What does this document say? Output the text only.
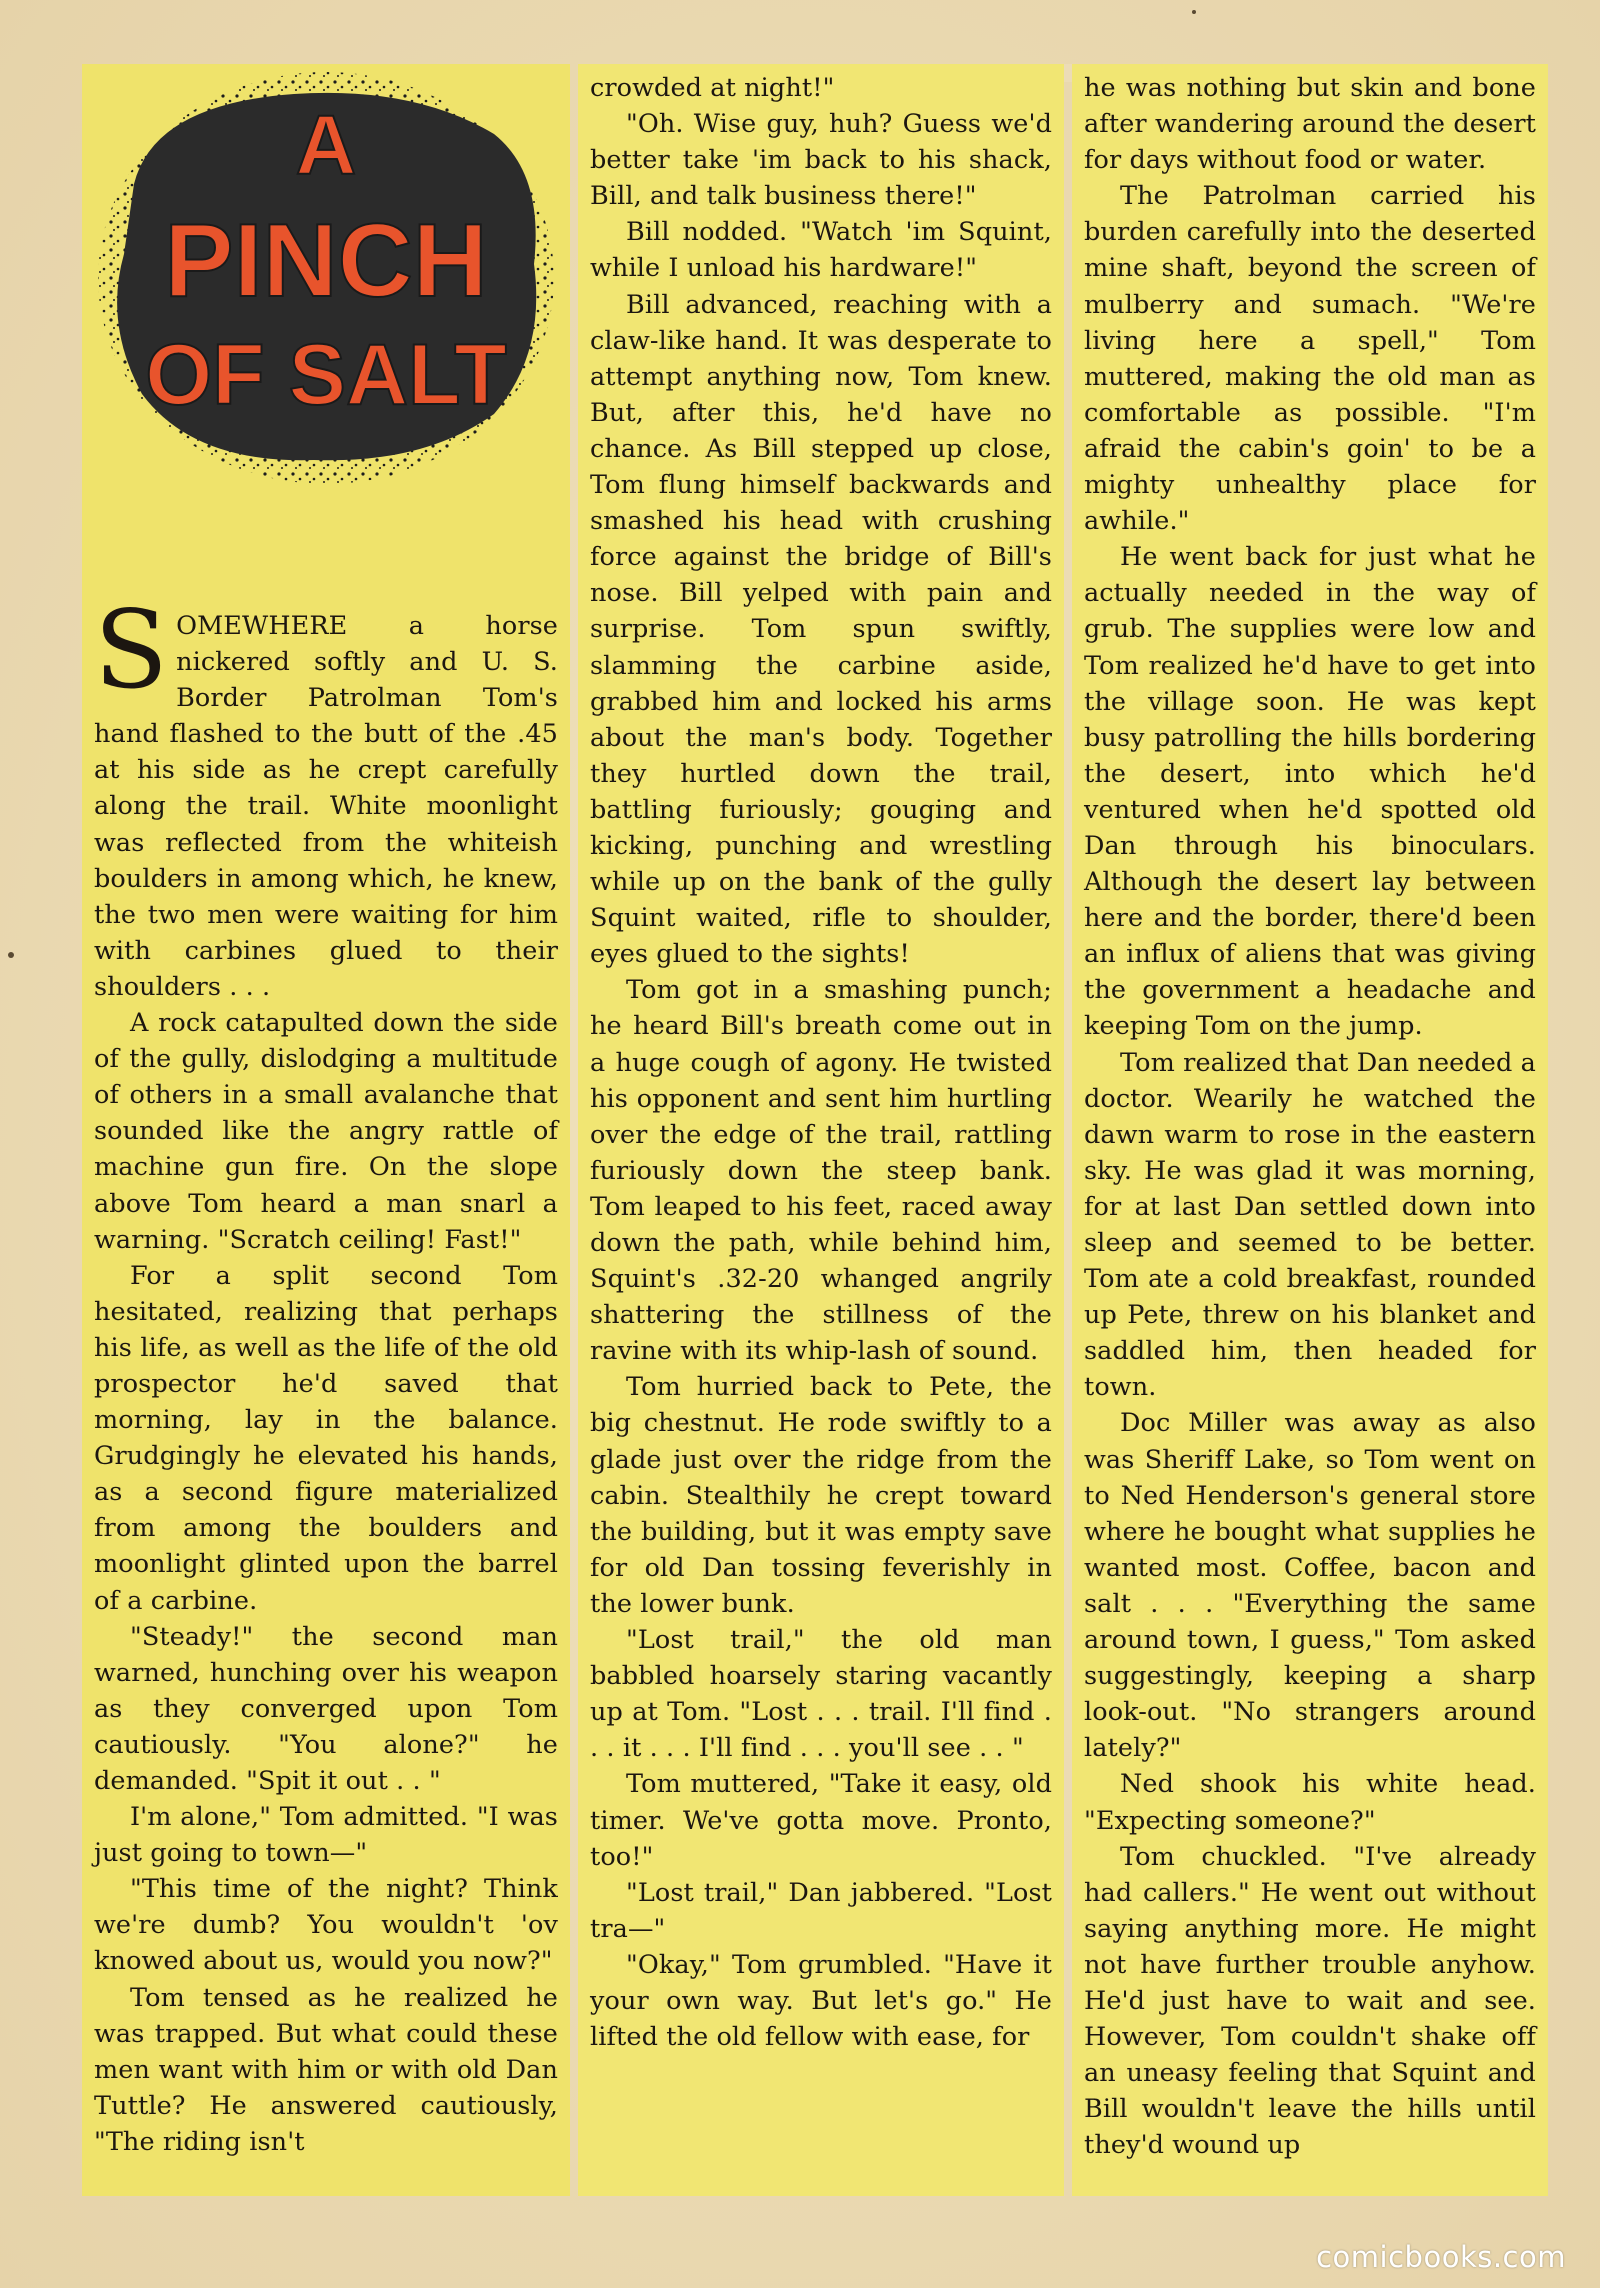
A
PINCH
OF SALT

SOMEWHERE a horse nickered softly and U. S. Border Patrolman Tom's hand flashed to the butt of the .45 at his side as he crept carefully along the trail. White moonlight was reflected from the whiteish boulders in among which, he knew, the two men were waiting for him with carbines glued to their shoulders . . .

A rock catapulted down the side of the gully, dislodging a multitude of others in a small avalanche that sounded like the angry rattle of machine gun fire. On the slope above Tom heard a man snarl a warning. "Scratch ceiling! Fast!"

For a split second Tom hesitated, realizing that perhaps his life, as well as the life of the old prospector he'd saved that morning, lay in the balance. Grudgingly he elevated his hands, as a second figure materialized from among the boulders and moonlight glinted upon the barrel of a carbine.

"Steady!" the second man warned, hunching over his weapon as they converged upon Tom cautiously. "You alone?" he demanded. "Spit it out . . "

I'm alone," Tom admitted. "I was just going to town—"

"This time of the night? Think we're dumb? You wouldn't 'ov knowed about us, would you now?"

Tom tensed as he realized he was trapped. But what could these men want with him or with old Dan Tuttle? He answered cautiously, "The riding isn't

crowded at night!"

"Oh. Wise guy, huh? Guess we'd better take 'im back to his shack, Bill, and talk business there!"

Bill nodded. "Watch 'im Squint, while I unload his hardware!"

Bill advanced, reaching with a claw-like hand. It was desperate to attempt anything now, Tom knew. But, after this, he'd have no chance. As Bill stepped up close, Tom flung himself backwards and smashed his head with crushing force against the bridge of Bill's nose. Bill yelped with pain and surprise. Tom spun swiftly, slamming the carbine aside, grabbed him and locked his arms about the man's body. Together they hurtled down the trail, battling furiously; gouging and kicking, punching and wrestling while up on the bank of the gully Squint waited, rifle to shoulder, eyes glued to the sights!

Tom got in a smashing punch; he heard Bill's breath come out in a huge cough of agony. He twisted his opponent and sent him hurtling over the edge of the trail, rattling furiously down the steep bank. Tom leaped to his feet, raced away down the path, while behind him, Squint's .32-20 whanged angrily shattering the stillness of the ravine with its whip-lash of sound.

Tom hurried back to Pete, the big chestnut. He rode swiftly to a glade just over the ridge from the cabin. Stealthily he crept toward the building, but it was empty save for old Dan tossing feverishly in the lower bunk.

"Lost trail," the old man babbled hoarsely staring vacantly up at Tom. "Lost . . . trail. I'll find . . . it . . . I'll find . . . you'll see . . "

Tom muttered, "Take it easy, old timer. We've gotta move. Pronto, too!"

"Lost trail," Dan jabbered. "Lost tra—"

"Okay," Tom grumbled. "Have it your own way. But let's go." He lifted the old fellow with ease, for

he was nothing but skin and bone after wandering around the desert for days without food or water.

The Patrolman carried his burden carefully into the deserted mine shaft, beyond the screen of mulberry and sumach. "We're living here a spell," Tom muttered, making the old man as comfortable as possible. "I'm afraid the cabin's goin' to be a mighty unhealthy place for awhile."

He went back for just what he actually needed in the way of grub. The supplies were low and Tom realized he'd have to get into the village soon. He was kept busy patrolling the hills bordering the desert, into which he'd ventured when he'd spotted old Dan through his binoculars. Although the desert lay between here and the border, there'd been an influx of aliens that was giving the government a headache and keeping Tom on the jump.

Tom realized that Dan needed a doctor. Wearily he watched the dawn warm to rose in the eastern sky. He was glad it was morning, for at last Dan settled down into sleep and seemed to be better. Tom ate a cold breakfast, rounded up Pete, threw on his blanket and saddled him, then headed for town.

Doc Miller was away as also was Sheriff Lake, so Tom went on to Ned Henderson's general store where he bought what supplies he wanted most. Coffee, bacon and salt . . . "Everything the same around town, I guess," Tom asked suggestingly, keeping a sharp look-out. "No strangers around lately?"

Ned shook his white head. "Expecting someone?"

Tom chuckled. "I've already had callers." He went out without saying anything more. He might not have further trouble anyhow. He'd just have to wait and see. However, Tom couldn't shake off an uneasy feeling that Squint and Bill wouldn't leave the hills until they'd wound up

comicbooks.com
